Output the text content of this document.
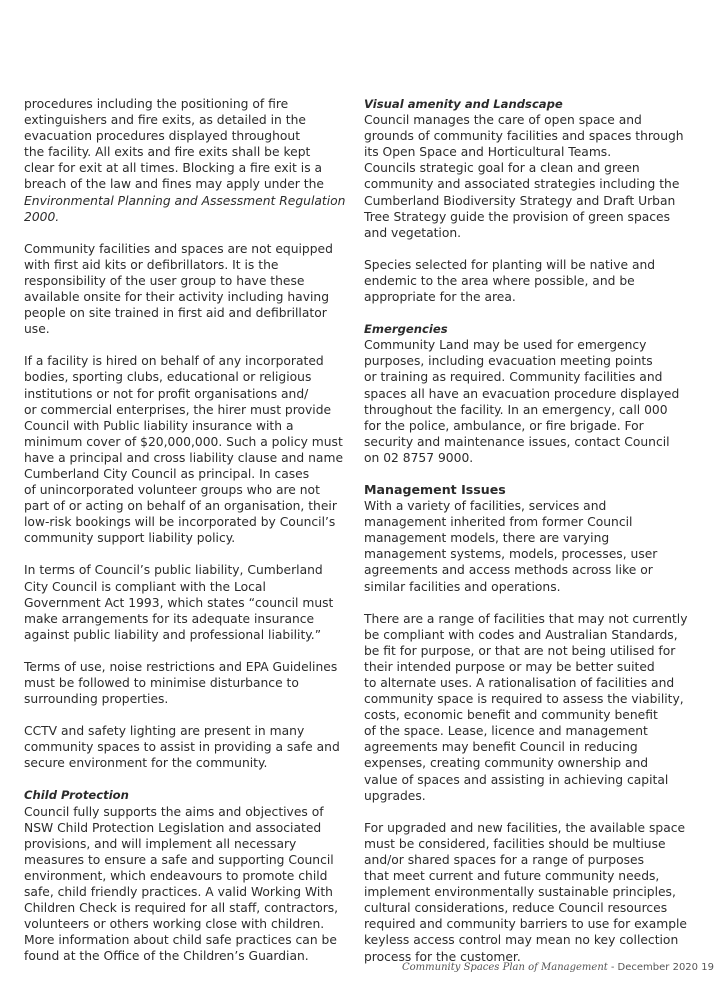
procedures including the positioning of fire
extinguishers and fire exits, as detailed in the
evacuation procedures displayed throughout
the facility. All exits and fire exits shall be kept
clear for exit at all times. Blocking a fire exit is a
breach of the law and fines may apply under the
Environmental Planning and Assessment Regulation
2000.

Community facilities and spaces are not equipped
with first aid kits or defibrillators. It is the
responsibility of the user group to have these
available onsite for their activity including having
people on site trained in first aid and defibrillator
use.

If a facility is hired on behalf of any incorporated
bodies, sporting clubs, educational or religious
institutions or not for profit organisations and/
or commercial enterprises, the hirer must provide
Council with Public liability insurance with a
minimum cover of $20,000,000. Such a policy must
have a principal and cross liability clause and name
Cumberland City Council as principal. In cases
of unincorporated volunteer groups who are not
part of or acting on behalf of an organisation, their
low-risk bookings will be incorporated by Council’s
community support liability policy.

In terms of Council’s public liability, Cumberland
City Council is compliant with the Local
Government Act 1993, which states “council must
make arrangements for its adequate insurance
against public liability and professional liability.”

Terms of use, noise restrictions and EPA Guidelines
must be followed to minimise disturbance to
surrounding properties.

CCTV and safety lighting are present in many
community spaces to assist in providing a safe and
secure environment for the community.

Child Protection
Council fully supports the aims and objectives of
NSW Child Protection Legislation and associated
provisions, and will implement all necessary
measures to ensure a safe and supporting Council
environment, which endeavours to promote child
safe, child friendly practices. A valid Working With
Children Check is required for all staff, contractors,
volunteers or others working close with children.
More information about child safe practices can be
found at the Office of the Children’s Guardian.

Visual amenity and Landscape
Council manages the care of open space and
grounds of community facilities and spaces through
its Open Space and Horticultural Teams.
Councils strategic goal for a clean and green
community and associated strategies including the
Cumberland Biodiversity Strategy and Draft Urban
Tree Strategy guide the provision of green spaces
and vegetation.

Species selected for planting will be native and
endemic to the area where possible, and be
appropriate for the area.

Emergencies
Community Land may be used for emergency
purposes, including evacuation meeting points
or training as required. Community facilities and
spaces all have an evacuation procedure displayed
throughout the facility. In an emergency, call 000
for the police, ambulance, or fire brigade. For
security and maintenance issues, contact Council
on 02 8757 9000.

Management Issues
With a variety of facilities, services and
management inherited from former Council
management models, there are varying
management systems, models, processes, user
agreements and access methods across like or
similar facilities and operations.

There are a range of facilities that may not currently
be compliant with codes and Australian Standards,
be fit for purpose, or that are not being utilised for
their intended purpose or may be better suited
to alternate uses. A rationalisation of facilities and
community space is required to assess the viability,
costs, economic benefit and community benefit
of the space. Lease, licence and management
agreements may benefit Council in reducing
expenses, creating community ownership and
value of spaces and assisting in achieving capital
upgrades.

For upgraded and new facilities, the available space
must be considered, facilities should be multiuse
and/or shared spaces for a range of purposes
that meet current and future community needs,
implement environmentally sustainable principles,
cultural considerations, reduce Council resources
required and community barriers to use for example
keyless access control may mean no key collection
process for the customer.

Community Spaces Plan of Management - December 2020 19
